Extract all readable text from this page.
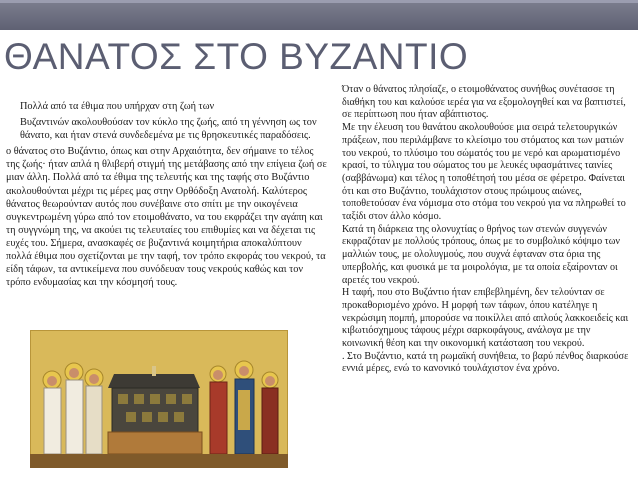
ΘΑΝΑΤΟΣ ΣΤΟ ΒΥΖΑΝΤΙΟ

Πολλά από τα έθιμα που υπήρχαν στη ζωή των

Βυζαντινών ακολουθούσαν τον κύκλο της ζωής, από τη γέννηση ως τον θάνατο, και ήταν στενά συνδεδεμένα με τις θρησκευτικές παραδόσεις.

ο θάνατος στο Βυζάντιο, όπως και στην Αρχαιότητα, δεν σήμαινε το τέλος της ζωής· ήταν απλά η θλιβερή στιγμή της μετάβασης από την επίγεια ζωή σε μιαν άλλη. Πολλά από τα έθιμα της τελευτής και της ταφής στο Βυζάντιο ακολουθούνται μέχρι τις μέρες μας στην Ορθόδοξη Ανατολή. Καλύτερος θάνατος θεωρούνταν αυτός που συνέβαινε στο σπίτι με την οικογένεια συγκεντρωμένη γύρω από τον ετοιμοθάνατο, να του εκφράζει την αγάπη και τη συγγνώμη της, να ακούει τις τελευταίες του επιθυμίες και να δέχεται τις ευχές του. Σήμερα, ανασκαφές σε βυζαντινά κοιμητήρια αποκαλύπτουν πολλά έθιμα που σχετίζονται με την ταφή, τον τρόπο εκφοράς του νεκρού, τα είδη τάφων, τα αντικείμενα που συνόδευαν τους νεκρούς καθώς και τον τρόπο ενδυμασίας και την κόσμησή τους.

Όταν ο θάνατος πλησίαζε, ο ετοιμοθάνατος συνήθως συνέτασσε τη διαθήκη του και καλούσε ιερέα για να εξομολογηθεί και να βαπτιστεί, σε περίπτωση που ήταν αβάπτιστος.

Με την έλευση του θανάτου ακολουθούσε μια σειρά τελετουργικών πράξεων, που περιλάμβανε το κλείσιμο του στόματος και των ματιών του νεκρού, το πλύσιμο του σώματός του με νερό και αρωματισμένο κρασί, το τύλιγμα του σώματος του με λευκές υφασμάτινες ταινίες (σαββάνωμα) και τέλος η τοποθέτησή του μέσα σε φέρετρο. Φαίνεται ότι και στο Βυζάντιο, τουλάχιστον στους πρώιμους αιώνες, τοποθετούσαν ένα νόμισμα στο στόμα του νεκρού για να πληρωθεί το ταξίδι στον άλλο κόσμο.

Κατά τη διάρκεια της ολονυχτίας ο θρήνος των στενών συγγενών εκφραζόταν με πολλούς τρόπους, όπως με το συμβολικό κόψιμο των μαλλιών τους, με ολολυγμούς, που συχνά έφταναν στα όρια της υπερβολής, και φυσικά με τα μοιρολόγια, με τα οποία εξαίρονταν οι αρετές του νεκρού.

Η ταφή, που στο Βυζάντιο ήταν επιβεβλημένη, δεν τελούνταν σε προκαθορισμένο χρόνο. Η μορφή των τάφων, όπου κατέληγε η νεκρώσιμη πομπή, μπορούσε να ποικίλλει από απλούς λακκοειδείς και κιβωτιόσχημους τάφους μέχρι σαρκοφάγους, ανάλογα με την κοινωνική θέση και την οικονομική κατάσταση του νεκρού.

. Στο Βυζάντιο, κατά τη ρωμαϊκή συνήθεια, το βαρύ πένθος διαρκούσε εννιά μέρες, ενώ το κανονικό τουλάχιστον ένα χρόνο.
